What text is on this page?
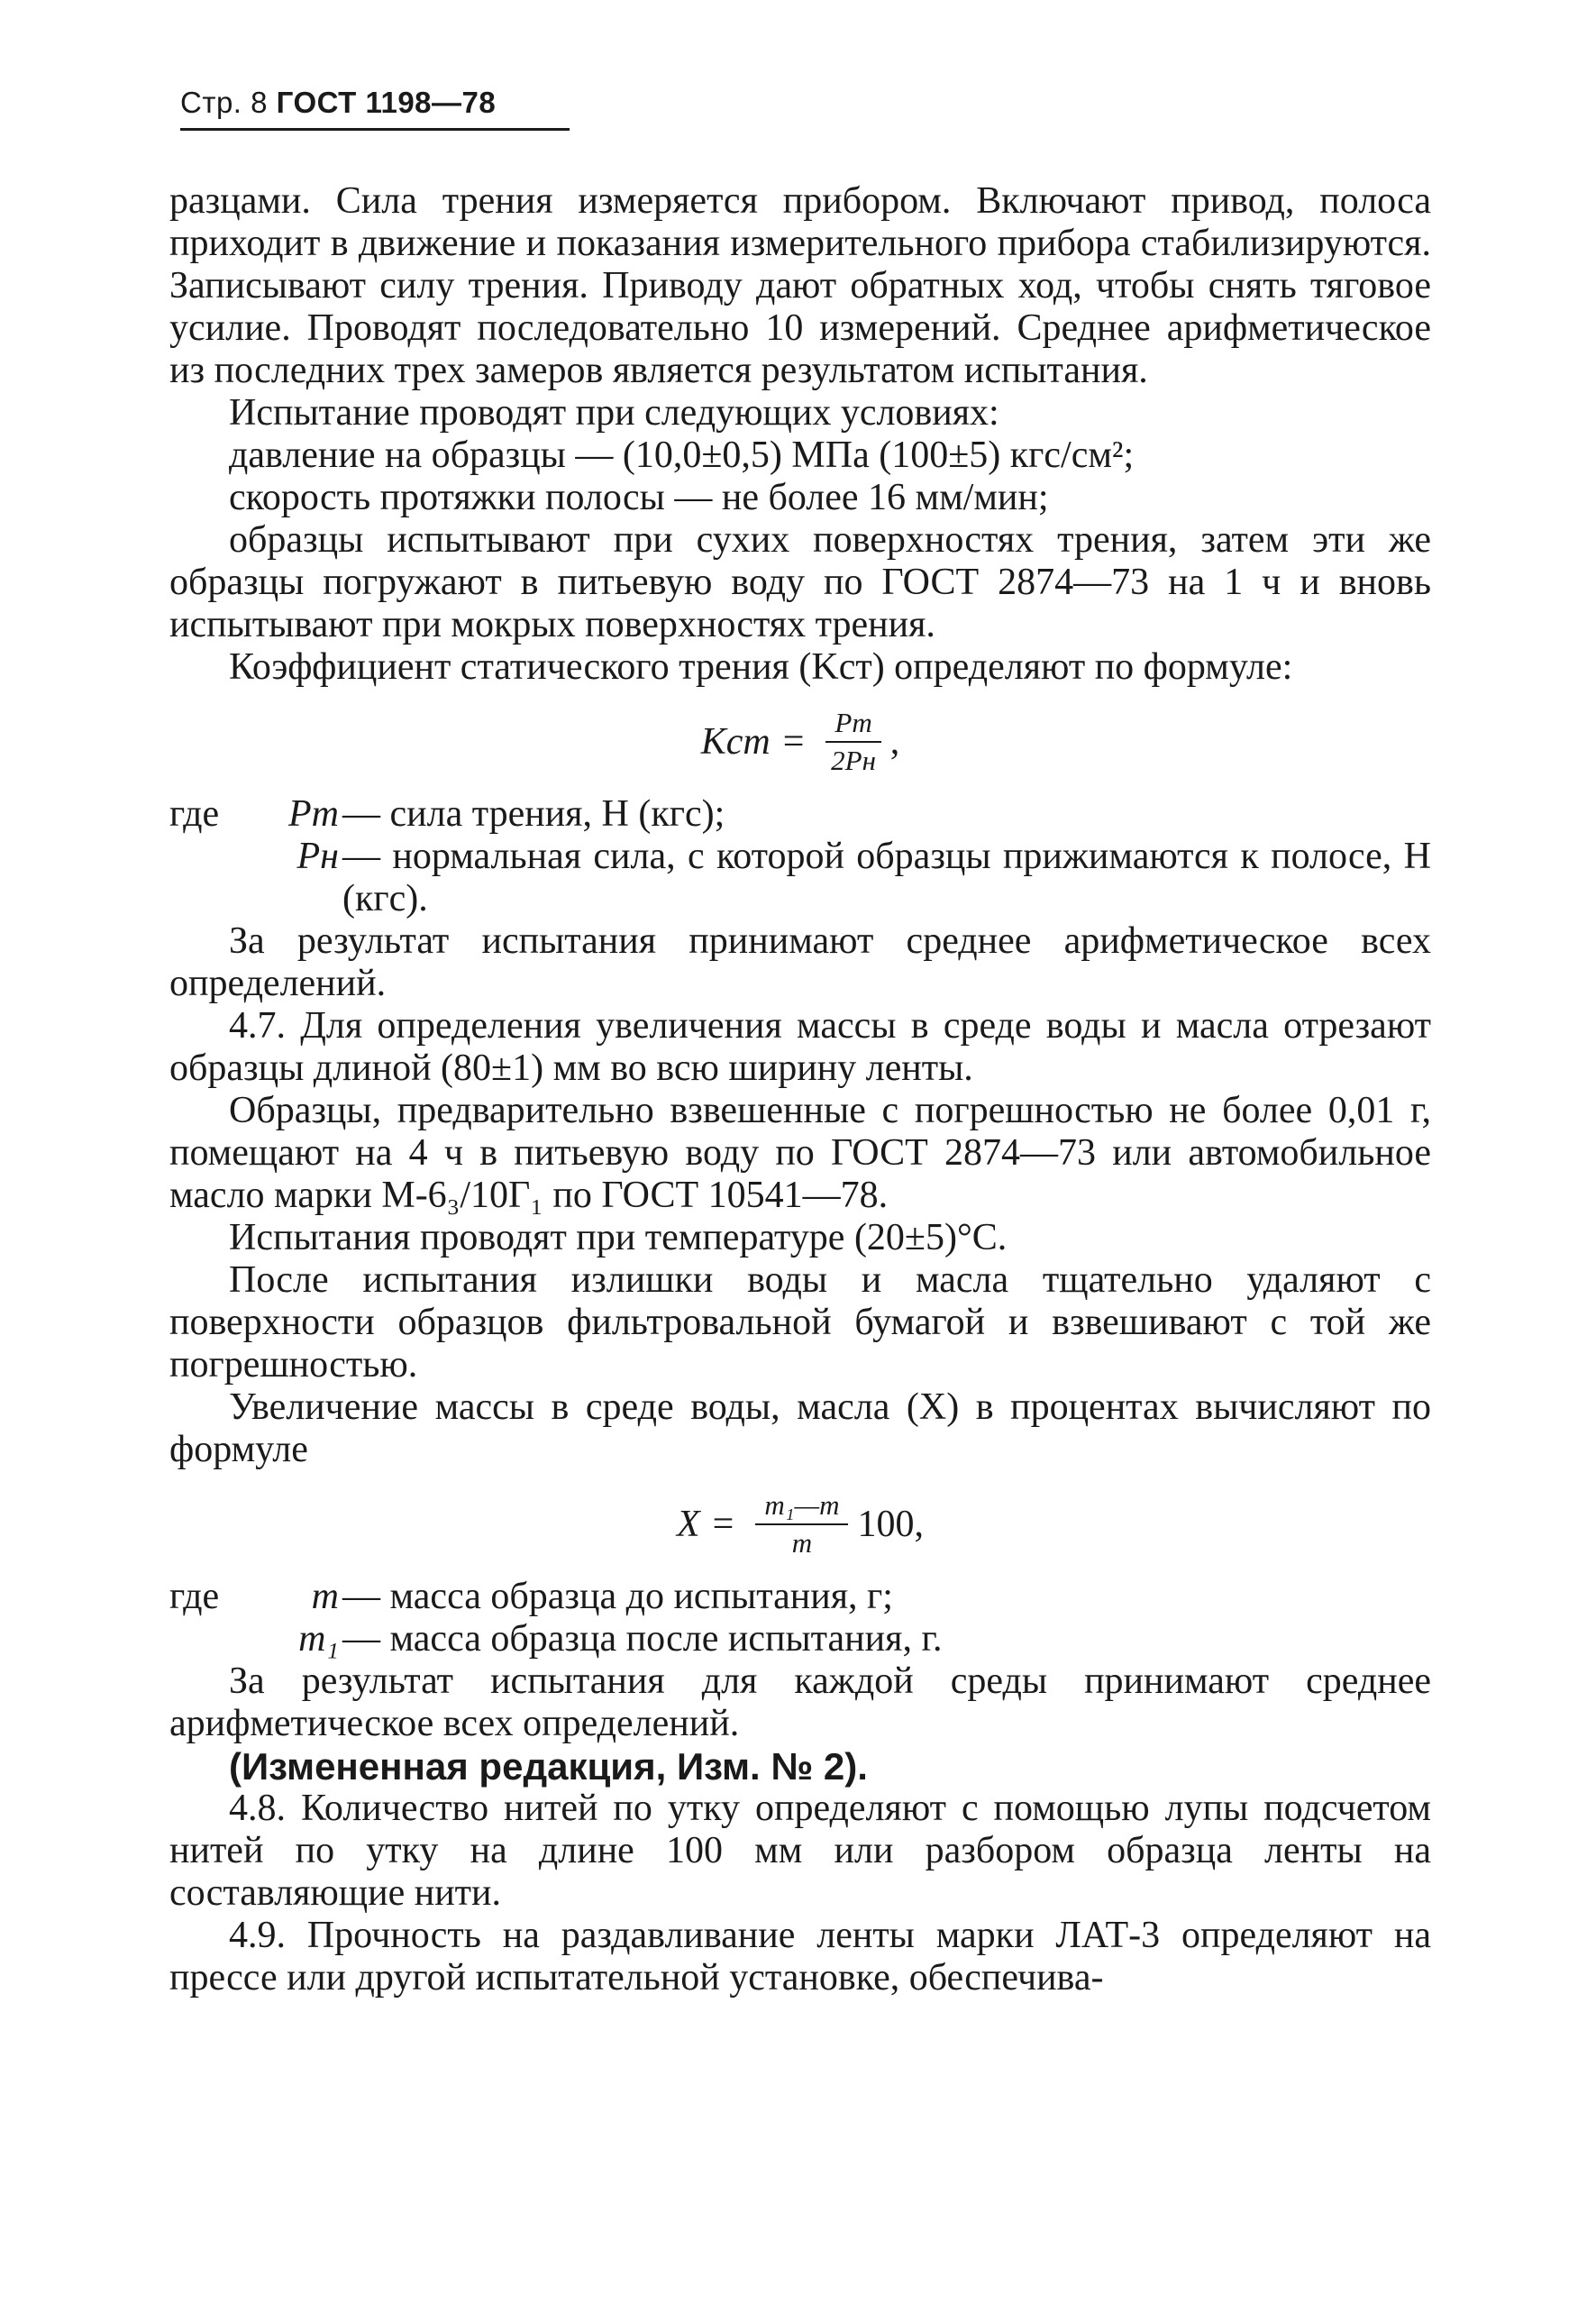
Стр. 8 ГОСТ 1198—78

разцами. Сила трения измеряется прибором. Включают привод, полоса приходит в движение и показания измерительного прибора стабилизируются. Записывают силу трения. Приводу дают обратных ход, чтобы снять тяговое усилие. Проводят последовательно 10 измерений. Среднее арифметическое из последних трех замеров является результатом испытания.

Испытание проводят при следующих условиях:

давление на образцы — (10,0±0,5) МПа (100±5) кгс/см²;

скорость протяжки полосы — не более 16 мм/мин;

образцы испытывают при сухих поверхностях трения, затем эти же образцы погружают в питьевую воду по ГОСТ 2874—73 на 1 ч и вновь испытывают при мокрых поверхностях трения.

Коэффициент статического трения (Kст) определяют по формуле:

Kст = $\frac{Pт}{2Pн}$ ,
где	Pт — сила трения, Н (кгс);
Pн — нормальная сила, с которой образцы прижимаются к полосе, Н (кгс).

За результат испытания принимают среднее арифметическое всех определений.

4.7. Для определения увеличения массы в среде воды и масла отрезают образцы длиной (80±1) мм во всю ширину ленты.

Образцы, предварительно взвешенные с погрешностью не более 0,01 г, помещают на 4 ч в питьевую воду по ГОСТ 2874—73 или автомобильное масло марки М-6₃/10Г₁ по ГОСТ 10541—78.

Испытания проводят при температуре (20±5)°С.

После испытания излишки воды и масла тщательно удаляют с поверхности образцов фильтровальной бумагой и взвешивают с той же погрешностью.

Увеличение массы в среде воды, масла (X) в процентах вычисляют по формуле

$X = \frac{\text{m₁—m}}{m} 100$,
где	m — масса образца до испытания, г;
m₁ — масса образца после испытания, г.

За результат испытания для каждой среды принимают среднее арифметическое всех определений.

(Измененная редакция, Изм. № 2).

4.8. Количество нитей по утку определяют с помощью лупы подсчетом нитей по утку на длине 100 мм или разбором образца ленты на составляющие нити.

4.9. Прочность на раздавливание ленты марки ЛАТ-3 определяют на прессе или другой испытательной установке, обеспечива-
